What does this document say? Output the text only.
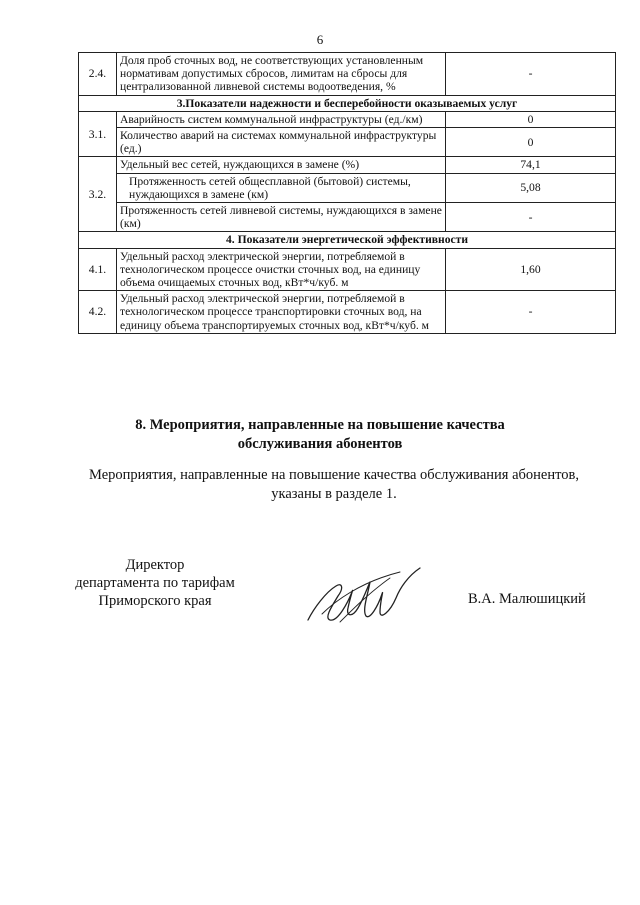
6
2.4.	Доля проб сточных вод, не соответствующих установленным нормативам допустимых сбросов, лимитам на сбросы для централизованной ливневой системы водоотведения, %	-
3.Показатели надежности и бесперебойности оказываемых услуг		
3.1.	Аварийность систем коммунальной инфраструктуры (ед./км)	0
	Количество аварий на системах коммунальной инфраструктуры (ед.)	0
3.2.	Удельный вес сетей, нуждающихся в замене (%)	74,1
	Протяженность сетей общесплавной (бытовой) системы, нуждающихся в замене (км)	5,08
	Протяженность сетей ливневой системы, нуждающихся в замене (км)	-
4. Показатели энергетической эффективности		
4.1.	Удельный расход электрической энергии, потребляемой в технологическом процессе очистки сточных вод, на единицу объема очищаемых сточных вод, кВт*ч/куб. м	1,60
4.2.	Удельный расход электрической энергии, потребляемой в технологическом процессе транспортировки сточных вод, на единицу объема транспортируемых сточных вод, кВт*ч/куб. м	-
8. Мероприятия, направленные на повышение качества
обслуживания абонентов
Мероприятия, направленные на повышение качества обслуживания абонентов,
указаны в разделе 1.
Директор
департамента по тарифам
Приморского края	В.А. Малюшицкий
